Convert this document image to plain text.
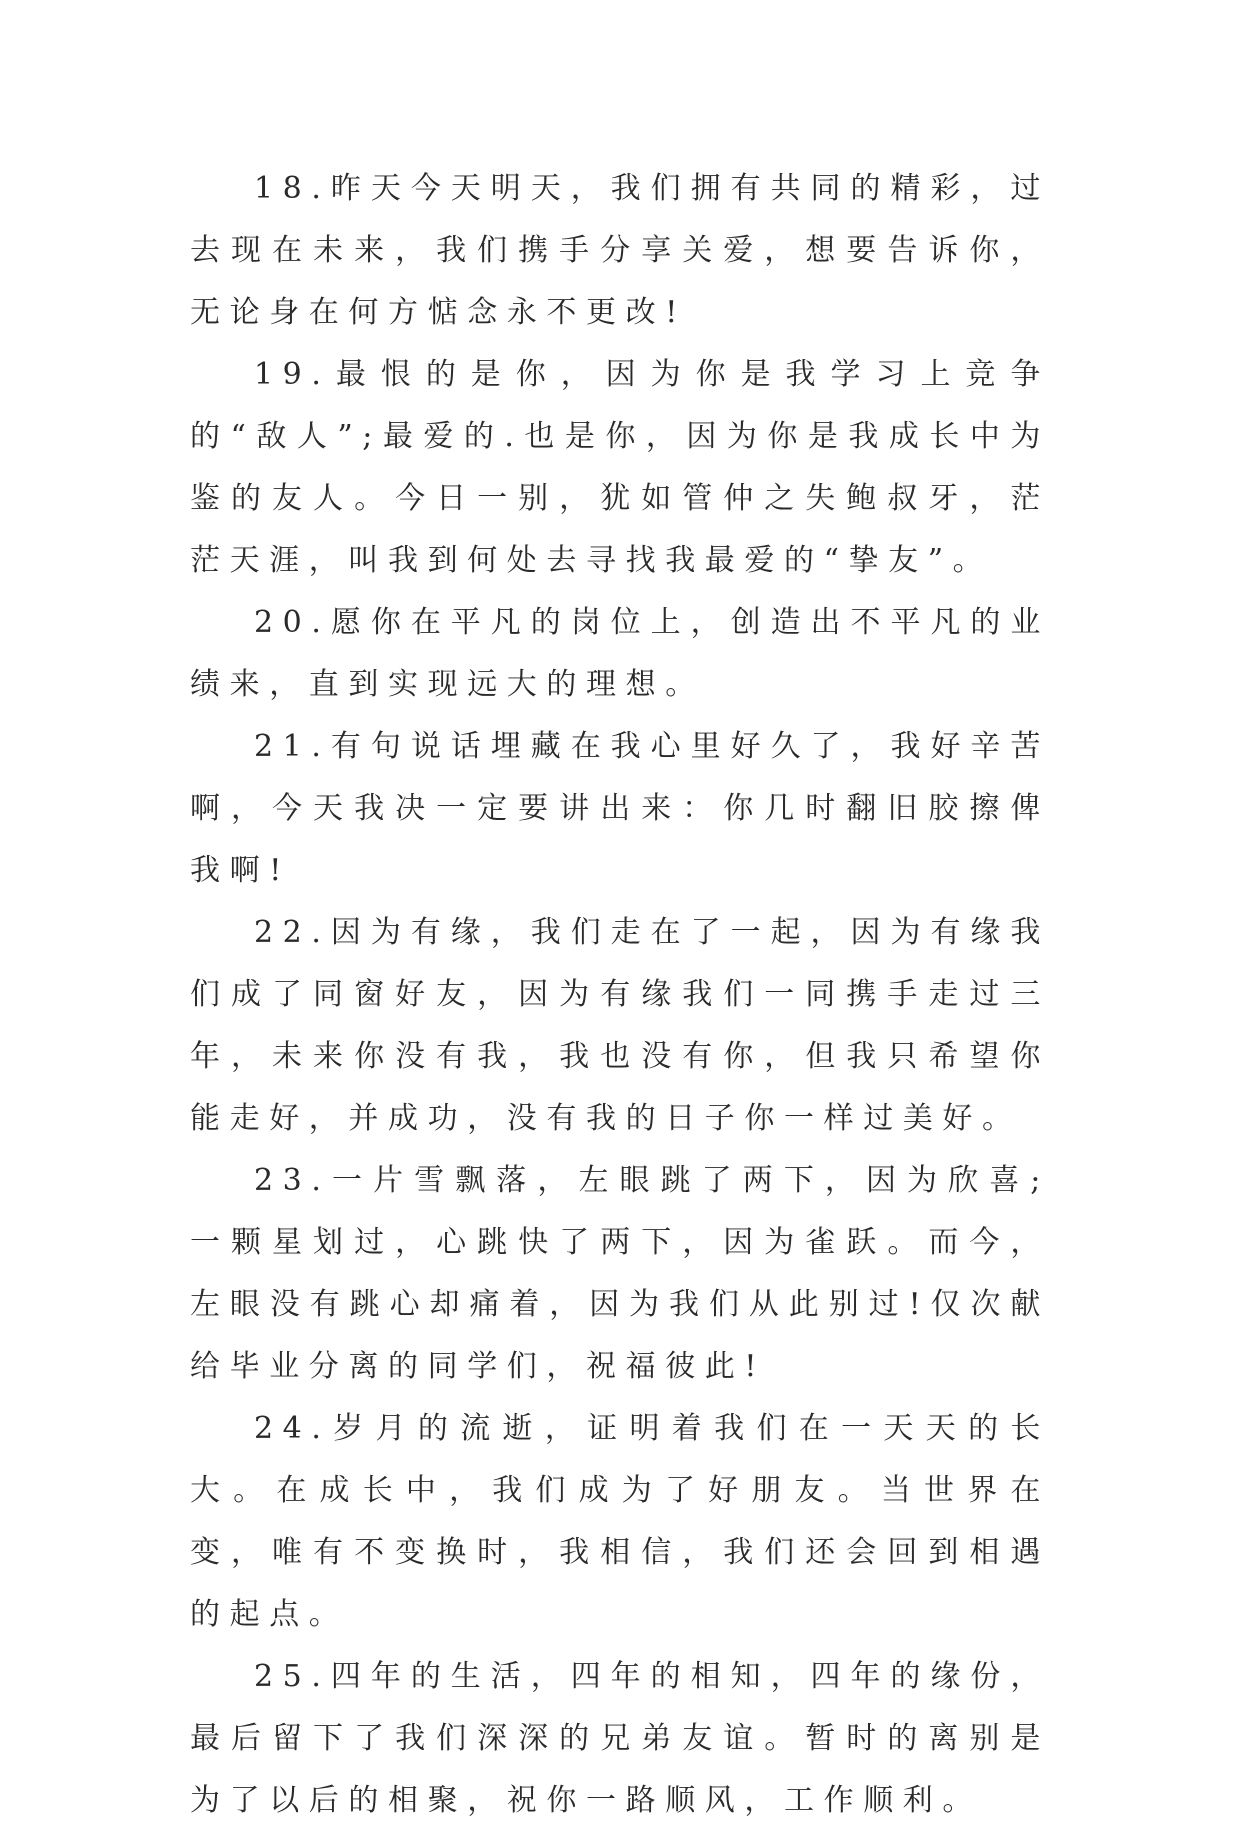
18.昨天今天明天，我们拥有共同的精彩，过去现在未来，我们携手分享关爱，想要告诉你，无论身在何方惦念永不更改!

19.最恨的是你，因为你是我学习上竞争的“敌人”;最爱的.也是你，因为你是我成长中为鉴的友人。今日一别，犹如管仲之失鲍叔牙，茫茫天涯，叫我到何处去寻找我最爱的“挚友”。

20.愿你在平凡的岗位上，创造出不平凡的业绩来，直到实现远大的理想。

21.有句说话埋藏在我心里好久了，我好辛苦啊，今天我决一定要讲出来：你几时翻旧胶擦俾我啊!

22.因为有缘，我们走在了一起，因为有缘我们成了同窗好友，因为有缘我们一同携手走过三年，未来你没有我，我也没有你，但我只希望你能走好，并成功，没有我的日子你一样过美好。

23.一片雪飘落，左眼跳了两下，因为欣喜;一颗星划过，心跳快了两下，因为雀跃。而今，左眼没有跳心却痛着，因为我们从此别过!仅次献给毕业分离的同学们，祝福彼此!

24.岁月的流逝，证明着我们在一天天的长大。在成长中，我们成为了好朋友。当世界在变，唯有不变换时，我相信，我们还会回到相遇的起点。

25.四年的生活，四年的相知，四年的缘份，最后留下了我们深深的兄弟友谊。暂时的离别是为了以后的相聚，祝你一路顺风，工作顺利。
